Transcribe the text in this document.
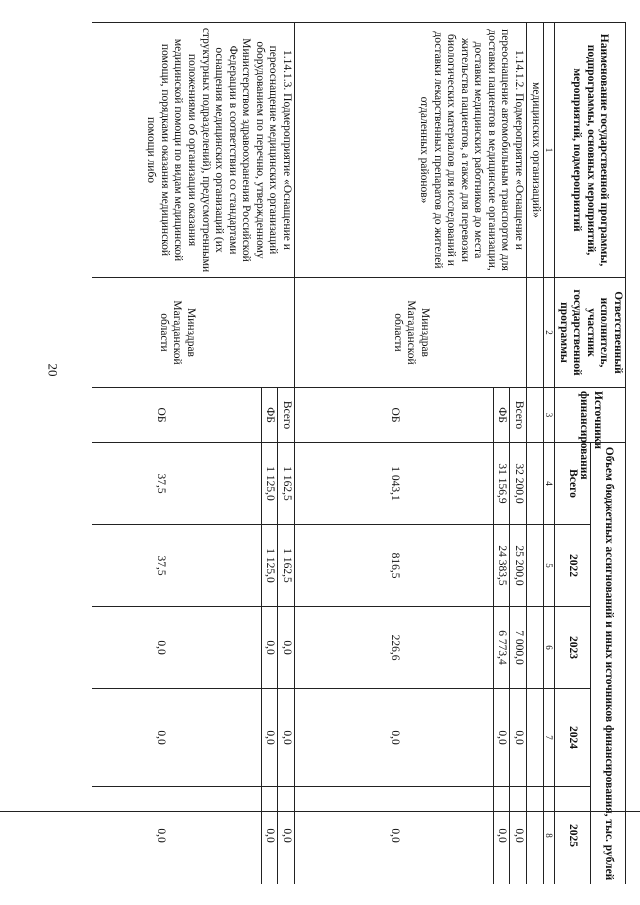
20
Наименование государственной программы, подпрограммы, основных мероприятий, мероприятий, подмероприятий	Ответственный исполнитель, участник государственной программы	Источники финансирования	Объем бюджетных ассигнований и иных источников финансирования, тыс. рублей				
			Всего	2022	2023	2024	2025
1	2	3	4	5	6	7	8
медицинских организаций»							
1.14.1.2. Подмероприятие «Оснащение и переоснащение автомобильным транспортом для доставки пациентов в медицинские организации, доставки медицинских работников до места жительства пациентов, а также для перевозки биологических материалов для исследований и доставки лекарственных препаратов до жителей отдаленных районов»	Минздрав Магаданской области	Всего	32 200,0	25 200,0	7 000,0	0,0	0,0
		ФБ	31 156,9	24 383,5	6 773,4	0,0	0,0
		ОБ	1 043,1	816,5	226,6	0,0	0,0
1.14.1.3. Подмероприятие «Оснащение и переоснащение медицинских организаций оборудованием по перечню, утвержденному Министерством здравоохранения Российской Федерации в соответствии со стандартами оснащения медицинских организаций (их структурных подразделений), предусмотренными положениями об организации оказания медицинской помощи по видам медицинской помощи, порядками оказания медицинской помощи либо	Минздрав Магаданской области	Всего	1 162,5	1 162,5	0,0	0,0	0,0
		ФБ	1 125,0	1 125,0	0,0	0,0	0,0
		ОБ	37,5	37,5	0,0	0,0	0,0
